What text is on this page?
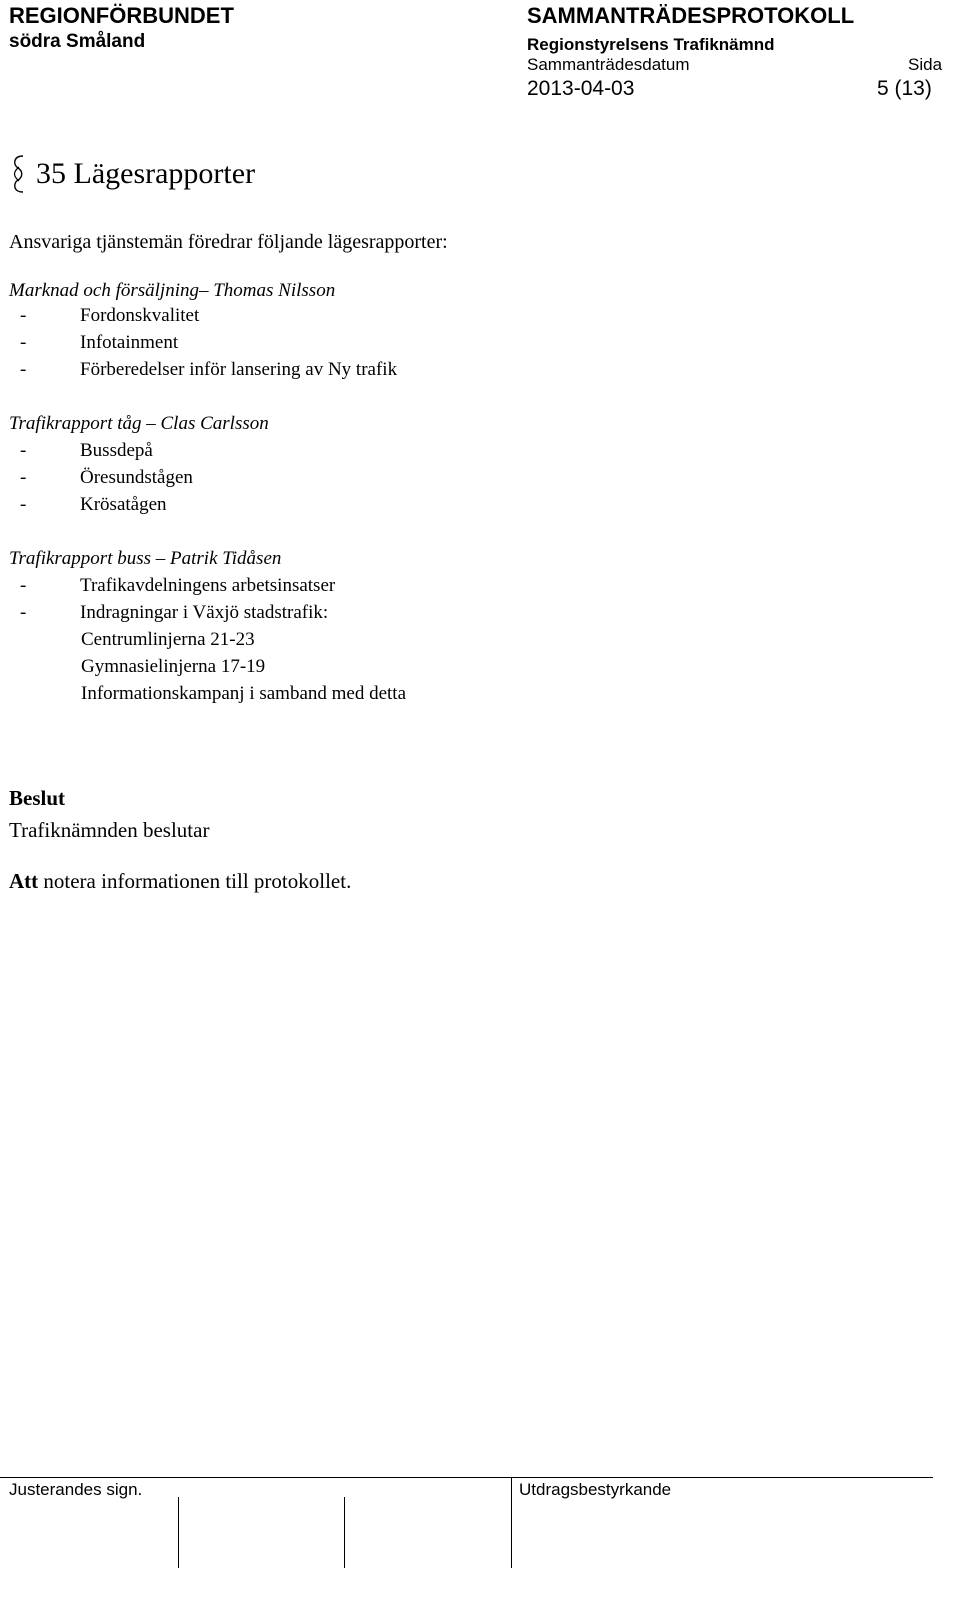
REGIONFÖRBUNDET
södra Småland
SAMMANTRÄDESPROTOKOLL
Regionstyrelsens Trafiknämnd
Sammanträdesdatum	Sida
2013-04-03	5 (13)
35 Lägesrapporter
Ansvariga tjänstemän föredrar följande lägesrapporter:
Marknad och försäljning– Thomas Nilsson
-	Fordonskvalitet
-	Infotainment
-	Förberedelser inför lansering av Ny trafik
Trafikrapport tåg – Clas Carlsson
-	Bussdepå
-	Öresundstågen
-	Krösatågen
Trafikrapport buss – Patrik Tidåsen
-	Trafikavdelningens arbetsinsatser
-	Indragningar i Växjö stadstrafik:
Centrumlinjerna 21-23
Gymnasielinjerna 17-19
Informationskampanj i samband med detta
Beslut
Trafiknämnden beslutar
Att notera informationen till protokollet.
Justerandes sign.	Utdragsbestyrkande
